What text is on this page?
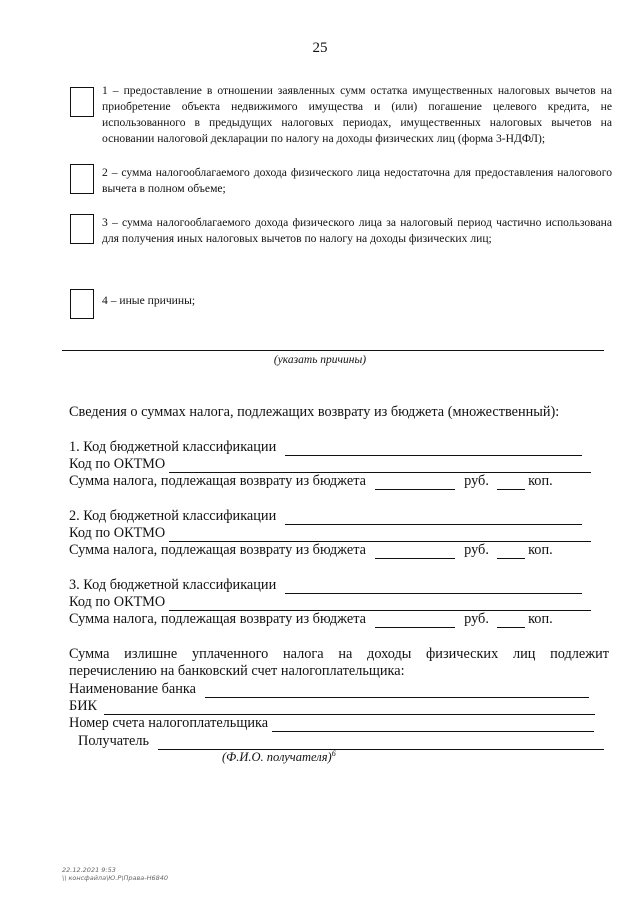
25
1 – предоставление в отношении заявленных сумм остатка имущественных налоговых вычетов на приобретение объекта недвижимого имущества и (или) погашение целевого кредита, не использованного в предыдущих налоговых периодах, имущественных налоговых вычетов на основании налоговой декларации по налогу на доходы физических лиц (форма 3-НДФЛ);
2 – сумма налогооблагаемого дохода физического лица недостаточна для предоставления налогового вычета в полном объеме;
3 – сумма налогооблагаемого дохода физического лица за налоговый период частично использована для получения иных налоговых вычетов по налогу на доходы физических лиц;
4 – иные причины;
(указать причины)
Сведения о суммах налога, подлежащих возврату из бюджета (множественный):
1. Код бюджетной классификации
Код по ОКТМО
Сумма налога, подлежащая возврату из бюджета	руб.	коп.
2. Код бюджетной классификации
Код по ОКТМО
Сумма налога, подлежащая возврату из бюджета	руб.	коп.
3. Код бюджетной классификации
Код по ОКТМО
Сумма налога, подлежащая возврату из бюджета	руб.	коп.
Сумма излишне уплаченного налога на доходы физических лиц подлежит перечислению на банковский счет налогоплательщика:
Наименование банка
БИК
Номер счета налогоплательщика
Получатель
(Ф.И.О. получателя)$^6$
22.12.2021 9:53
\\ консфайла\Ю.Р\Права-Н6840
